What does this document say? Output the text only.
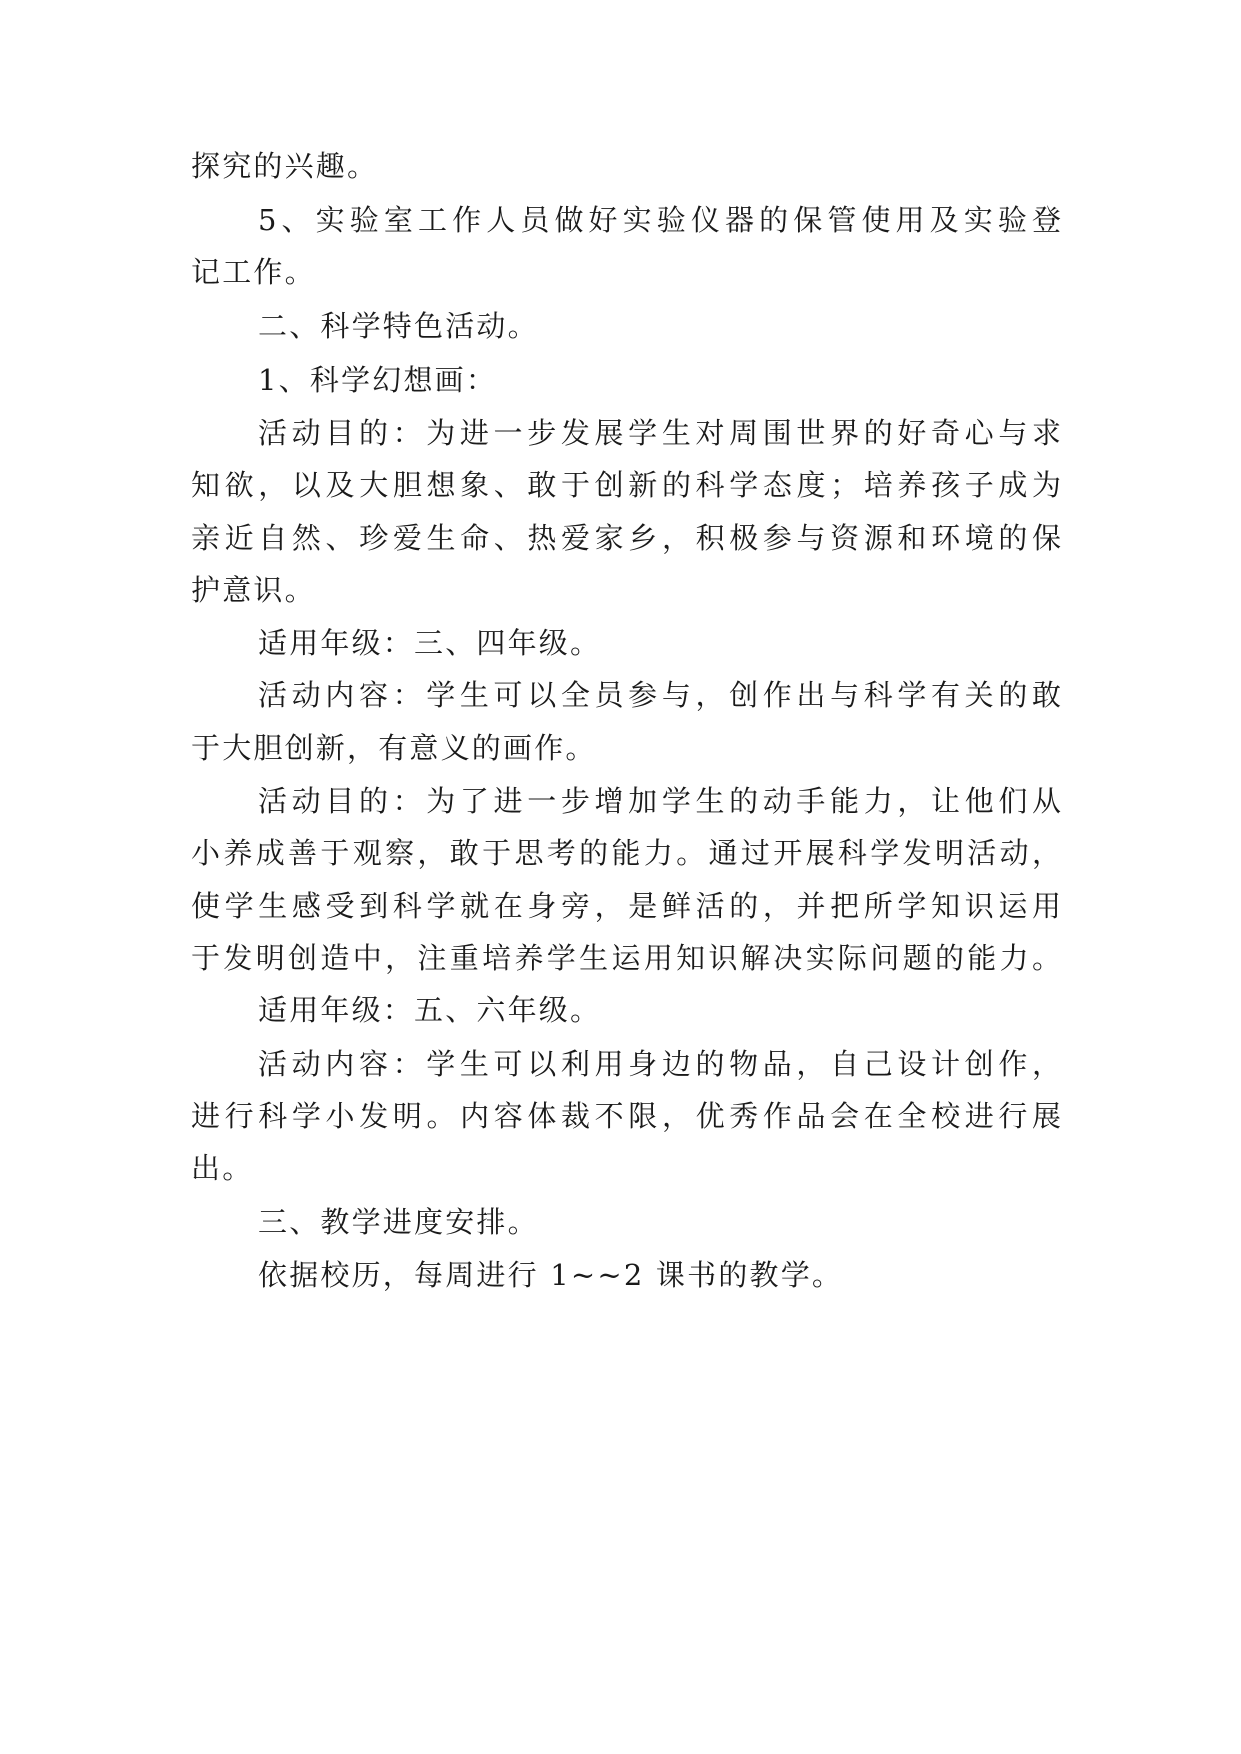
探究的兴趣。

5、实验室工作人员做好实验仪器的保管使用及实验登

记工作。

二、科学特色活动。

1、科学幻想画：

活动目的：为进一步发展学生对周围世界的好奇心与求

知欲，以及大胆想象、敢于创新的科学态度；培养孩子成为

亲近自然、珍爱生命、热爱家乡，积极参与资源和环境的保

护意识。

适用年级：三、四年级。

活动内容：学生可以全员参与，创作出与科学有关的敢

于大胆创新，有意义的画作。

活动目的：为了进一步增加学生的动手能力，让他们从

小养成善于观察，敢于思考的能力。通过开展科学发明活动，

使学生感受到科学就在身旁，是鲜活的，并把所学知识运用

于发明创造中，注重培养学生运用知识解决实际问题的能力。

适用年级：五、六年级。

活动内容：学生可以利用身边的物品，自己设计创作，

进行科学小发明。内容体裁不限，优秀作品会在全校进行展

出。

三、教学进度安排。

依据校历，每周进行 1~~2 课书的教学。
